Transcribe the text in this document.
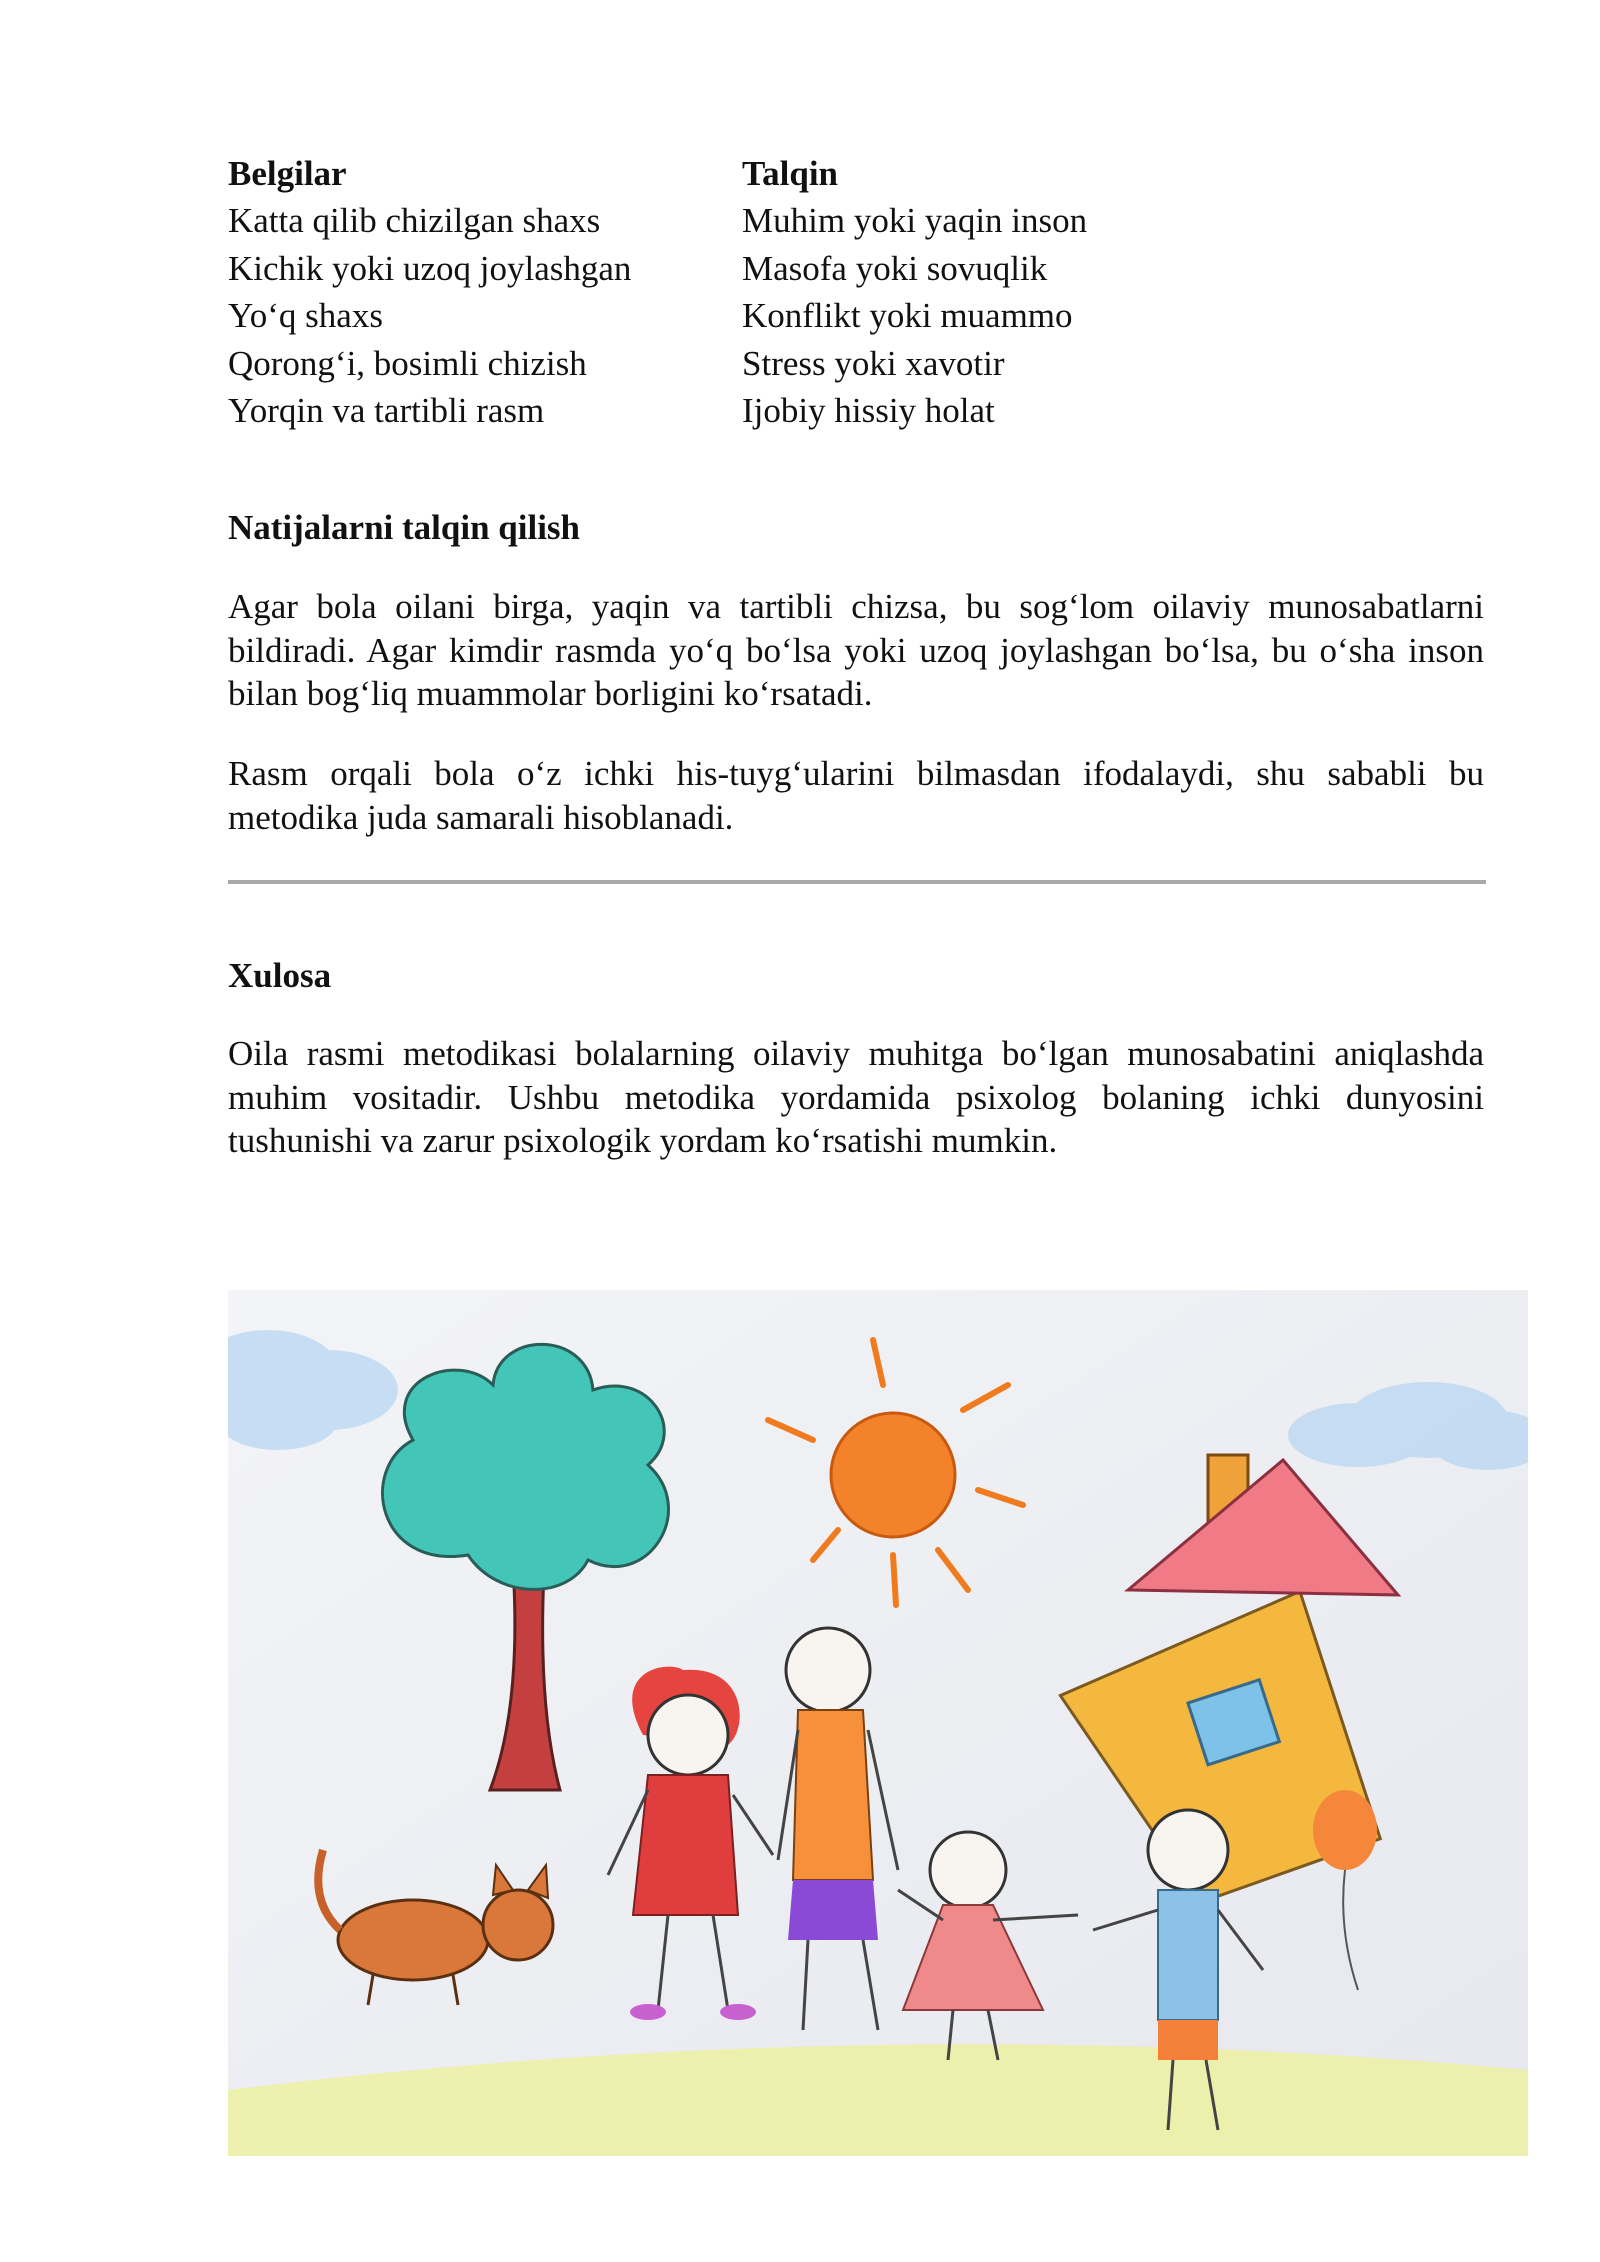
Belgilar
Katta qilib chizilgan shaxs
Kichik yoki uzoq joylashgan
Yo‘q shaxs
Qorong‘i, bosimli chizish
Yorqin va tartibli rasm
Talqin
Muhim yoki yaqin inson
Masofa yoki sovuqlik
Konflikt yoki muammo
Stress yoki xavotir
Ijobiy hissiy holat
Natijalarni talqin qilish

Agar bola oilani birga, yaqin va tartibli chizsa, bu sog‘lom oilaviy munosabatlarni bildiradi. Agar kimdir rasmda yo‘q bo‘lsa yoki uzoq joylashgan bo‘lsa, bu o‘sha inson bilan bog‘liq muammolar borligini ko‘rsatadi.

Rasm orqali bola o‘z ichki his-tuyg‘ularini bilmasdan ifodalaydi, shu sababli bu metodika juda samarali hisoblanadi.

Xulosa

Oila rasmi metodikasi bolalarning oilaviy muhitga bo‘lgan munosabatini aniqlashda muhim vositadir. Ushbu metodika yordamida psixolog bolaning ichki dunyosini tushunishi va zarur psixologik yordam ko‘rsatishi mumkin.
